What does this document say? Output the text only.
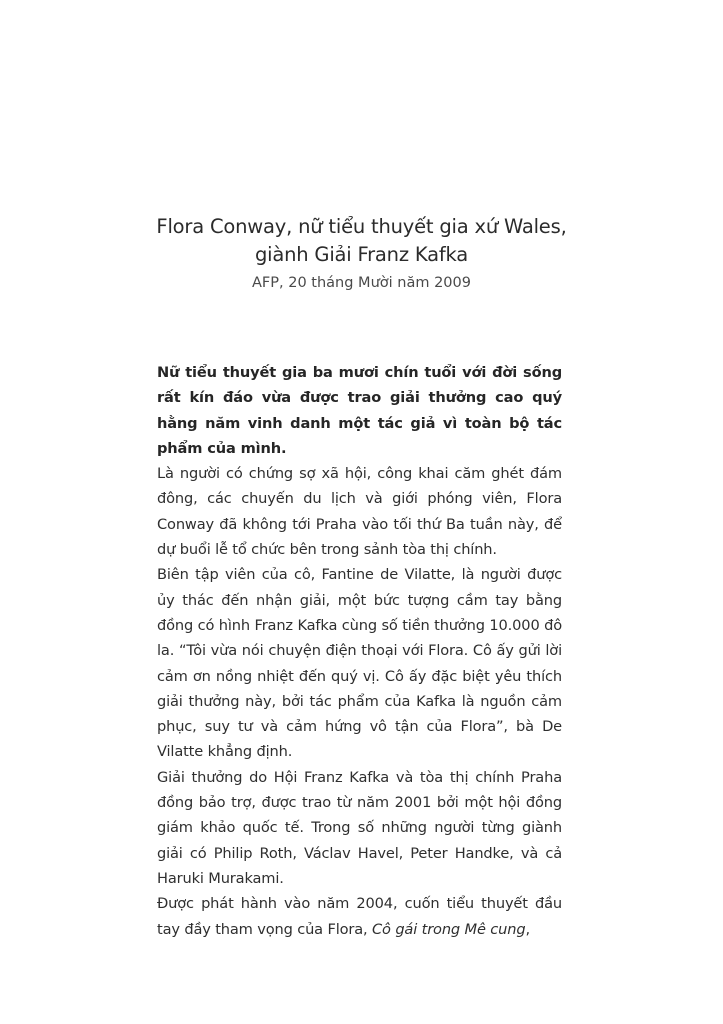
Flora Conway, nữ tiểu thuyết gia xứ Wales,
giành Giải Franz Kafka
AFP, 20 tháng Mười năm 2009

Nữ tiểu thuyết gia ba mươi chín tuổi với đời sống rất kín đáo vừa được trao giải thưởng cao quý hằng năm vinh danh một tác giả vì toàn bộ tác phẩm của mình.

Là người có chứng sợ xã hội, công khai căm ghét đám đông, các chuyến du lịch và giới phóng viên, Flora Conway đã không tới Praha vào tối thứ Ba tuần này, để dự buổi lễ tổ chức bên trong sảnh tòa thị chính.

Biên tập viên của cô, Fantine de Vilatte, là người được ủy thác đến nhận giải, một bức tượng cầm tay bằng đồng có hình Franz Kafka cùng số tiền thưởng 10.000 đô la. “Tôi vừa nói chuyện điện thoại với Flora. Cô ấy gửi lời cảm ơn nồng nhiệt đến quý vị. Cô ấy đặc biệt yêu thích giải thưởng này, bởi tác phẩm của Kafka là nguồn cảm phục, suy tư và cảm hứng vô tận của Flora”, bà De Vilatte khẳng định.

Giải thưởng do Hội Franz Kafka và tòa thị chính Praha đồng bảo trợ, được trao từ năm 2001 bởi một hội đồng giám khảo quốc tế. Trong số những người từng giành giải có Philip Roth, Václav Havel, Peter Handke, và cả Haruki Murakami.

Được phát hành vào năm 2004, cuốn tiểu thuyết đầu tay đầy tham vọng của Flora, Cô gái trong Mê cung,
